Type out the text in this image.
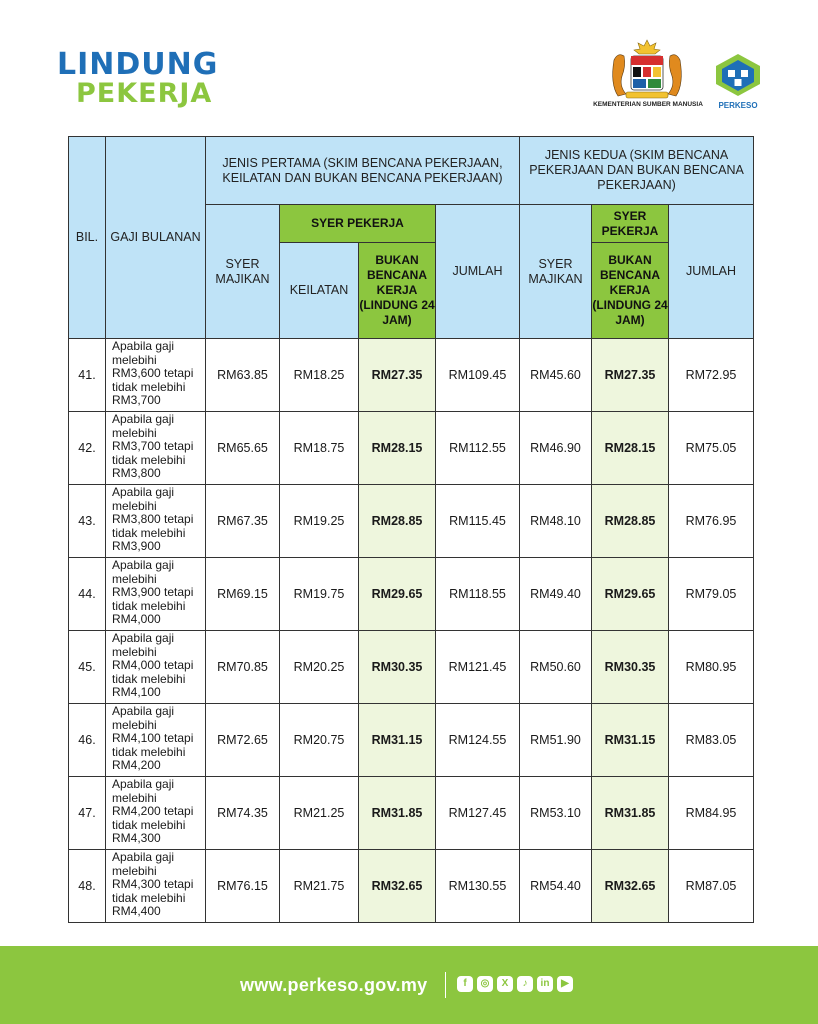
LINDUNG
PEKERJA	KEMENTERIAN SUMBER MANUSIA	PERKESO
BIL.	GAJI BULANAN	JENIS PERTAMA (SKIM BENCANA PEKERJAAN, KEILATAN DAN BUKAN BENCANA PEKERJAAN)				JENIS KEDUA (SKIM BENCANA PEKERJAAN DAN BUKAN BENCANA PEKERJAAN)		
		SYER MAJIKAN	SYER PEKERJA		JUMLAH	SYER MAJIKAN	SYER PEKERJA	JUMLAH
			KEILATAN	BUKAN BENCANA KERJA (LINDUNG 24 JAM)			BUKAN BENCANA KERJA (LINDUNG 24 JAM)	
41.	Apabila gaji melebihi RM3,600 tetapi tidak melebihi RM3,700	RM63.85	RM18.25	RM27.35	RM109.45	RM45.60	RM27.35	RM72.95
42.	Apabila gaji melebihi RM3,700 tetapi tidak melebihi RM3,800	RM65.65	RM18.75	RM28.15	RM112.55	RM46.90	RM28.15	RM75.05
43.	Apabila gaji melebihi RM3,800 tetapi tidak melebihi RM3,900	RM67.35	RM19.25	RM28.85	RM115.45	RM48.10	RM28.85	RM76.95
44.	Apabila gaji melebihi RM3,900 tetapi tidak melebihi RM4,000	RM69.15	RM19.75	RM29.65	RM118.55	RM49.40	RM29.65	RM79.05
45.	Apabila gaji melebihi RM4,000 tetapi tidak melebihi RM4,100	RM70.85	RM20.25	RM30.35	RM121.45	RM50.60	RM30.35	RM80.95
46.	Apabila gaji melebihi RM4,100 tetapi tidak melebihi RM4,200	RM72.65	RM20.75	RM31.15	RM124.55	RM51.90	RM31.15	RM83.05
47.	Apabila gaji melebihi RM4,200 tetapi tidak melebihi RM4,300	RM74.35	RM21.25	RM31.85	RM127.45	RM53.10	RM31.85	RM84.95
48.	Apabila gaji melebihi RM4,300 tetapi tidak melebihi RM4,400	RM76.15	RM21.75	RM32.65	RM130.55	RM54.40	RM32.65	RM87.05
www.perkeso.gov.my	f	◎	X	♪	in	▶
